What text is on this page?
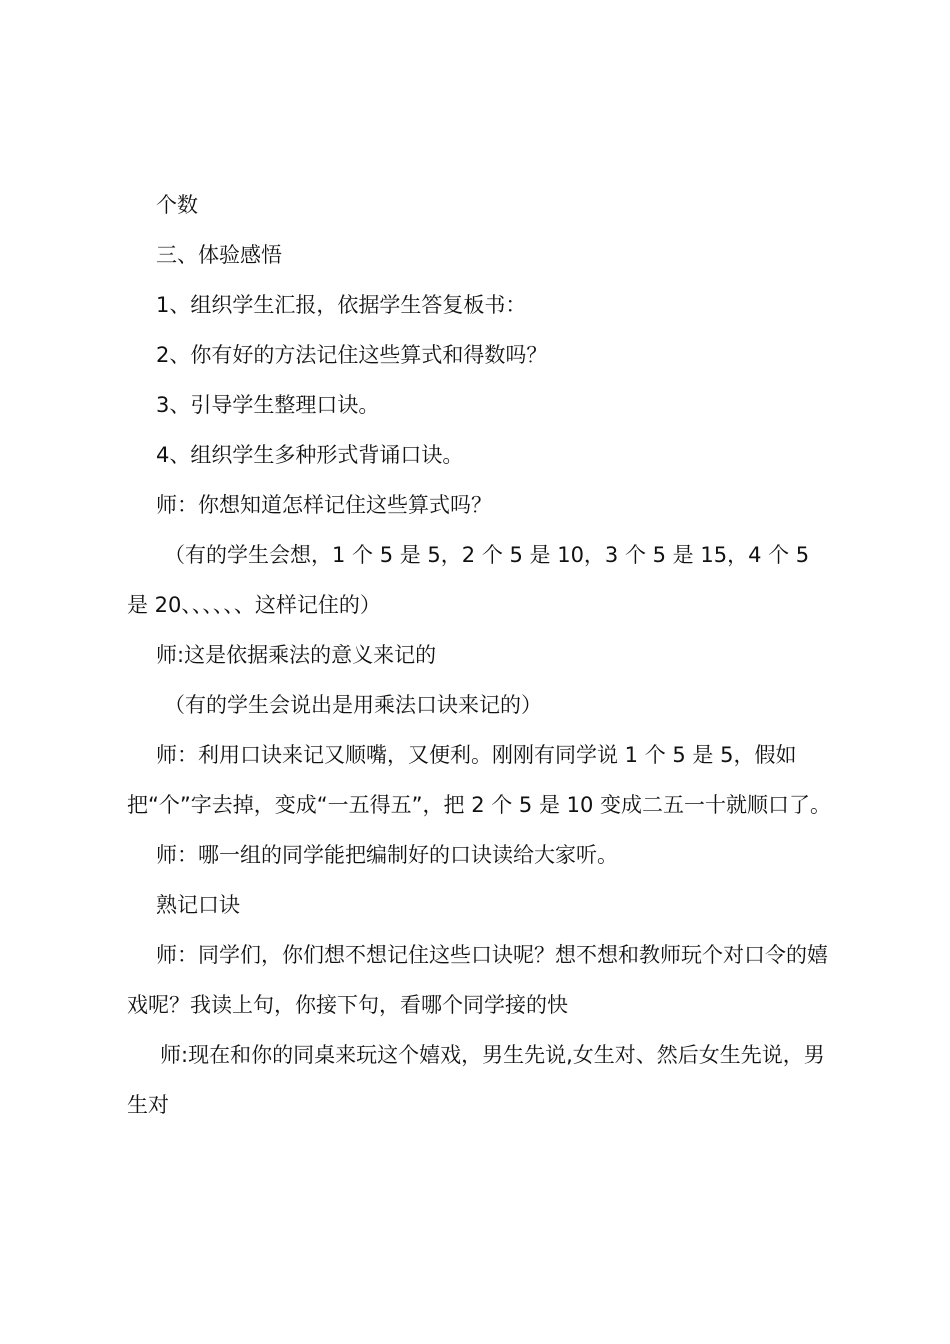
个数

三、体验感悟

1、组织学生汇报，依据学生答复板书：

2、你有好的方法记住这些算式和得数吗？

3、引导学生整理口诀。

4、组织学生多种形式背诵口诀。

师：你想知道怎样记住这些算式吗？

（有的学生会想，1 个 5 是 5，2 个 5 是 10，3 个 5 是 15，4 个 5 是 20、、、、、、这样记住的）

师:这是依据乘法的意义来记的

（有的学生会说出是用乘法口诀来记的）

师：利用口诀来记又顺嘴，又便利。刚刚有同学说 1 个 5 是 5，假如把“个”字去掉，变成“一五得五”，把 2 个 5 是 10 变成二五一十就顺口了。

师：哪一组的同学能把编制好的口诀读给大家听。

熟记口诀

师：同学们，你们想不想记住这些口诀呢？想不想和教师玩个对口令的嬉戏呢？我读上句，你接下句，看哪个同学接的快

师:现在和你的同桌来玩这个嬉戏，男生先说,女生对、然后女生先说，男生对
